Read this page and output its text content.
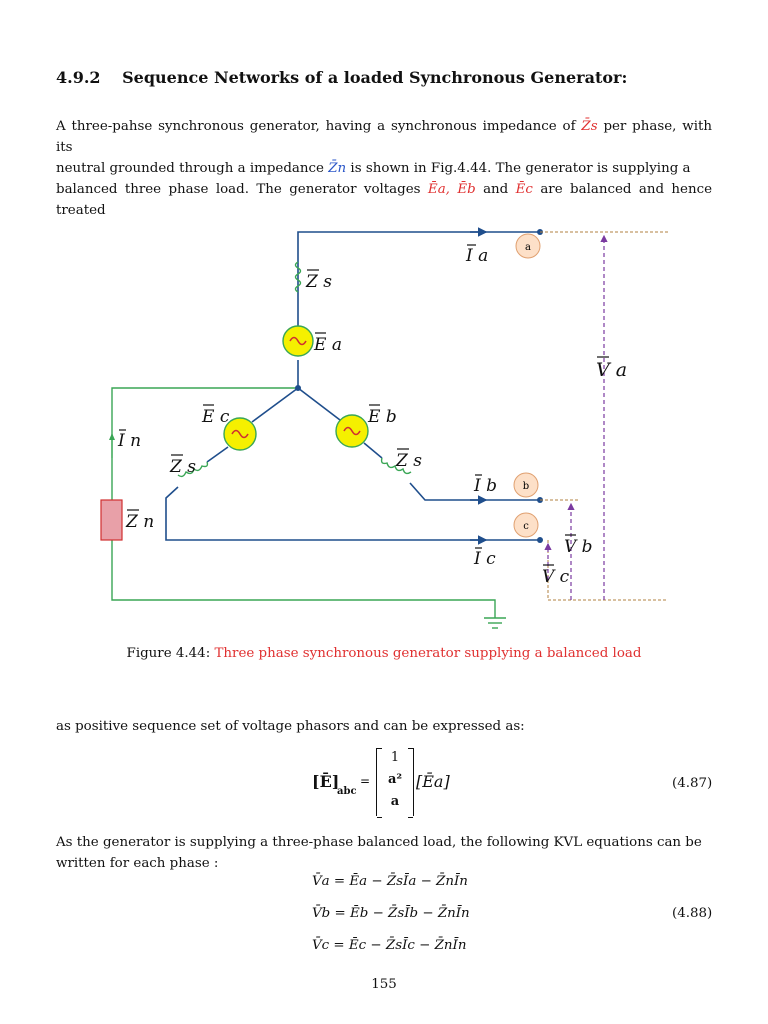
4.9.2 Sequence Networks of a loaded Synchronous Generator:
A three-pahse synchronous generator, having a synchronous impedance of Z̄s per phase, with its
neutral grounded through a impedance Z̄n is shown in Fig.4.44. The generator is supplying a
balanced three phase load. The generator voltages Ēa, Ēb and Ēc are balanced and hence treated
a
b
c
I a
Z s
E a
E c	E b
I n
Z s	Z s
I b
Z n
I c
V a
V b
V c
Figure 4.44: Three phase synchronous generator supplying a balanced load
as positive sequence set of voltage phasors and can be expressed as:
[Ē]
abc
=
1
a²
a
[Ēa]	(4.87)
As the generator is supplying a three-phase balanced load, the following KVL equations can be
written for each phase :
V̄a = Ēa − Z̄sĪa − Z̄nĪn
V̄b = Ēb − Z̄sĪb − Z̄nĪn
V̄c = Ēc − Z̄sĪc − Z̄nĪn
(4.88)
155
